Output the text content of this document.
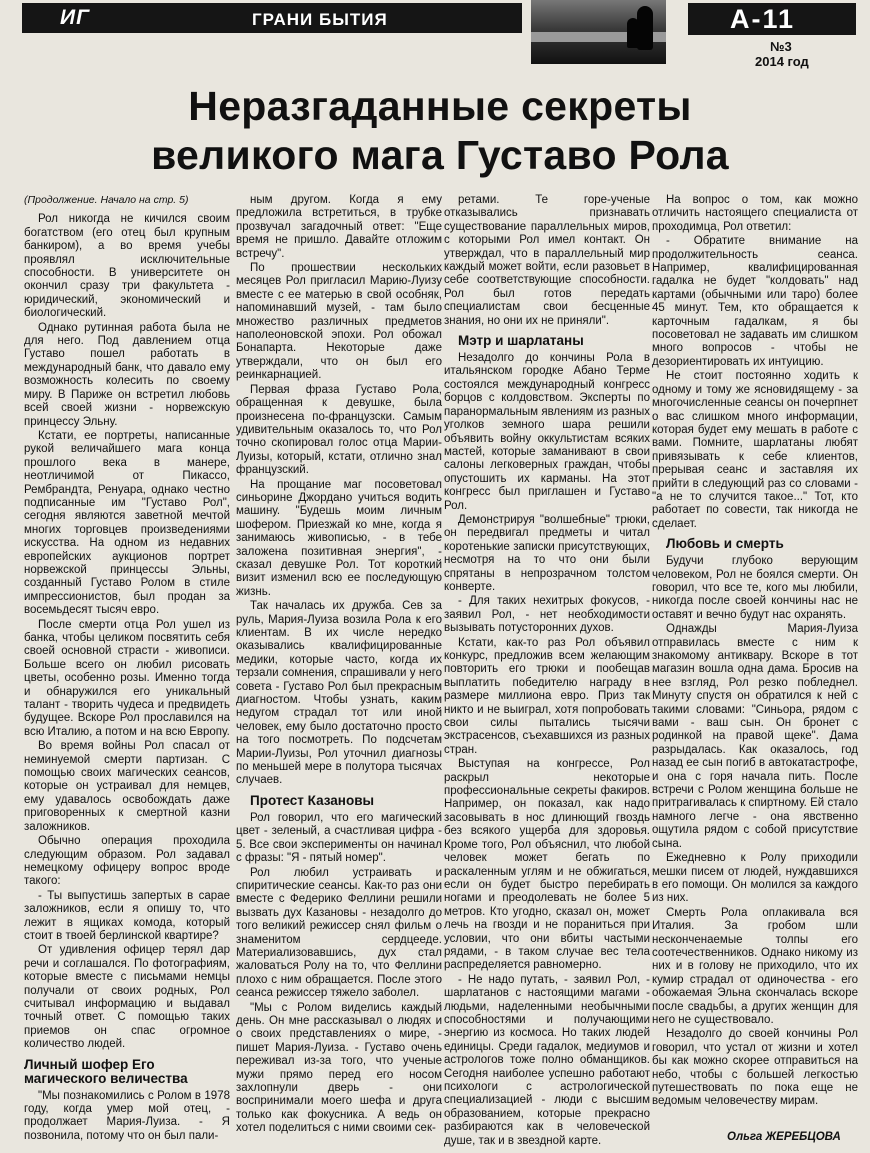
ИГ	ГРАНИ БЫТИЯ	А-11
№3
2014 год
Неразгаданные секреты
великого мага Густаво Рола

(Продолжение. Начало на стр. 5)

Рол никогда не кичился своим богатством (его отец был крупным банкиром), а во время учебы проявлял исключительные способности. В университете он окончил сразу три факультета - юридический, экономический и биологический.

Однако рутинная работа была не для него. Под давлением отца Густаво пошел работать в международный банк, что давало ему возможность колесить по своему миру. В Париже он встретил любовь всей своей жизни - норвежскую принцессу Эльну.

Кстати, ее портреты, написанные рукой величайшего мага конца прошлого века в манере, неотличимой от Пикассо, Рембрандта, Ренуара, однако честно подписанные им "Густаво Рол", сегодня являются заветной мечтой многих торговцев произведениями искусства. На одном из недавних европейских аукционов портрет норвежской принцессы Эльны, созданный Густаво Ролом в стиле импрессионистов, был продан за восемьдесят тысяч евро.

После смерти отца Рол ушел из банка, чтобы целиком посвятить себя своей основной страсти - живописи. Больше всего он любил рисовать цветы, особенно розы. Именно тогда и обнаружился его уникальный талант - творить чудеса и предвидеть будущее. Вскоре Рол прославился на всю Италию, а потом и на всю Европу.

Во время войны Рол спасал от неминуемой смерти партизан. С помощью своих магических сеансов, которые он устраивал для немцев, ему удавалось освобождать даже приговоренных к смертной казни заложников.

Обычно операция проходила следующим образом. Рол задавал немецкому офицеру вопрос вроде такого:

- Ты выпустишь запертых в сарае заложников, если я опишу то, что лежит в ящиках комода, который стоит в твоей берлинской квартире?

От удивления офицер терял дар речи и соглашался. По фотографиям, которые вместе с письмами немцы получали от своих родных, Рол считывал информацию и выдавал точный ответ. С помощью таких приемов он спас огромное количество людей.

Личный шофер Его магического величества

"Мы познакомились с Ролом в 1978 году, когда умер мой отец, - продолжает Мария-Луиза. - Я позвонила, потому что он был пали-

ным другом. Когда я ему предложила встретиться, в трубке прозвучал загадочный ответ: "Еще время не пришло. Давайте отложим встречу".

По прошествии нескольких месяцев Рол пригласил Марию-Луизу вместе с ее матерью в свой особняк, напоминавший музей, - там было множество различных предметов наполеоновской эпохи. Рол обожал Бонапарта. Некоторые даже утверждали, что он был его реинкарнацией.

Первая фраза Густаво Рола, обращенная к девушке, была произнесена по-французски. Самым удивительным оказалось то, что Рол точно скопировал голос отца Марии-Луизы, который, кстати, отлично знал французский.

На прощание маг посоветовал синьорине Джордано учиться водить машину. "Будешь моим личным шофером. Приезжай ко мне, когда я занимаюсь живописью, - в тебе заложена позитивная энергия", - сказал девушке Рол. Тот короткий визит изменил всю ее последующую жизнь.

Так началась их дружба. Сев за руль, Мария-Луиза возила Рола к его клиентам. В их числе нередко оказывались квалифицированные медики, которые часто, когда их терзали сомнения, спрашивали у него совета - Густаво Рол был прекрасным диагностом. Чтобы узнать, каким недугом страдал тот или иной человек, ему было достаточно просто на того посмотреть. По подсчетам Марии-Луизы, Рол уточнил диагнозы по меньшей мере в полутора тысячах случаев.

Протест Казановы

Рол говорил, что его магический цвет - зеленый, а счастливая цифра - 5. Все свои эксперименты он начинал с фразы: "Я - пятый номер".

Рол любил устраивать и спиритические сеансы. Как-то раз они вместе с Федерико Феллини решили вызвать дух Казановы - незадолго до того великий режиссер снял фильм о знаменитом сердцееде. Материализовавшись, дух стал жаловаться Ролу на то, что Феллини плохо с ним обращается. После этого сеанса режиссер тяжело заболел.

"Мы с Ролом виделись каждый день. Он мне рассказывал о людях и о своих представлениях о мире, - пишет Мария-Луиза. - Густаво очень переживал из-за того, что ученые мужи прямо перед его носом захлопнули дверь - они воспринимали моего шефа и друга только как фокусника. А ведь он хотел поделиться с ними своими сек-

ретами. Те горе-ученые отказывались признавать существование параллельных миров, с которыми Рол имел контакт. Он утверждал, что в параллельный мир каждый может войти, если разовьет в себе соответствующие способности. Рол был готов передать специалистам свои бесценные знания, но они их не приняли".

Мэтр и шарлатаны

Незадолго до кончины Рола в итальянском городке Абано Терме состоялся международный конгресс борцов с колдовством. Эксперты по паранормальным явлениям из разных уголков земного шара решили объявить войну оккультистам всяких мастей, которые заманивают в свои салоны легковерных граждан, чтобы опустошить их карманы. На этот конгресс был приглашен и Густаво Рол.

Демонстрируя "волшебные" трюки, он передвигал предметы и читал коротенькие записки присутствующих, несмотря на то что они были спрятаны в непрозрачном толстом конверте.

- Для таких нехитрых фокусов, - заявил Рол, - нет необходимости вызывать потусторонних духов.

Кстати, как-то раз Рол объявил конкурс, предложив всем желающим повторить его трюки и пообещав выплатить победителю награду в размере миллиона евро. Приз так никто и не выиграл, хотя попробовать свои силы пытались тысячи экстрасенсов, съехавшихся из разных стран.

Выступая на конгрессе, Рол раскрыл некоторые профессиональные секреты факиров. Например, он показал, как надо засовывать в нос длинющий гвоздь без всякого ущерба для здоровья. Кроме того, Рол объяснил, что любой человек может бегать по раскаленным углям и не обжигаться, если он будет быстро перебирать ногами и преодолевать не более 5 метров. Кто угодно, сказал он, может лечь на гвозди и не пораниться при условии, что они вбиты частыми рядами, - в таком случае вес тела распределяется равномерно.

- Не надо путать, - заявил Рол, - шарлатанов с настоящими магами - людьми, наделенными необычными способностями и получающими энергию из космоса. Но таких людей единицы. Среди гадалок, медиумов и астрологов тоже полно обманщиков. Сегодня наиболее успешно работают психологи с астрологической специализацией - люди с высшим образованием, которые прекрасно разбираются как в человеческой душе, так и в звездной карте.

На вопрос о том, как можно отличить настоящего специалиста от проходимца, Рол ответил:

- Обратите внимание на продолжительность сеанса. Например, квалифицированная гадалка не будет "колдовать" над картами (обычными или таро) более 45 минут. Тем, кто обращается к карточным гадалкам, я бы посоветовал не задавать им слишком много вопросов - чтобы не дезориентировать их интуицию.

Не стоит постоянно ходить к одному и тому же ясновидящему - за многочисленные сеансы он почерпнет о вас слишком много информации, которая будет ему мешать в работе с вами. Помните, шарлатаны любят привязывать к себе клиентов, прерывая сеанс и заставляя их прийти в следующий раз со словами - "а не то случится такое..." Тот, кто работает по совести, так никогда не сделает.

Любовь и смерть

Будучи глубоко верующим человеком, Рол не боялся смерти. Он говорил, что все те, кого мы любили, никогда после своей кончины нас не оставят и вечно будут нас охранять.

Однажды Мария-Луиза отправилась вместе с ним к знакомому антиквару. Вскоре в тот магазин вошла одна дама. Бросив на нее взгляд, Рол резко побледнел. Минуту спустя он обратился к ней с такими словами: "Синьора, рядом с вами - ваш сын. Он бронет с родинкой на правой щеке". Дама разрыдалась. Как оказалось, год назад ее сын погиб в автокатастрофе, и она с горя начала пить. После встречи с Ролом женщина больше не притрагивалась к спиртному. Ей стало намного легче - она явственно ощутила рядом с собой присутствие сына.

Ежедневно к Ролу приходили мешки писем от людей, нуждавшихся в его помощи. Он молился за каждого из них.

Смерть Рола оплакивала вся Италия. За гробом шли несконченаемые толпы его соотечественников. Однако никому из них и в голову не приходило, что их кумир страдал от одиночества - его обожаемая Эльна скончалась вскоре после свадьбы, а других женщин для него не существовало.

Незадолго до своей кончины Рол говорил, что устал от жизни и хотел бы как можно скорее отправиться на небо, чтобы с большей легкостью путешествовать по пока еще не ведомым человечеству мирам.

Ольга ЖЕРЕБЦОВА
